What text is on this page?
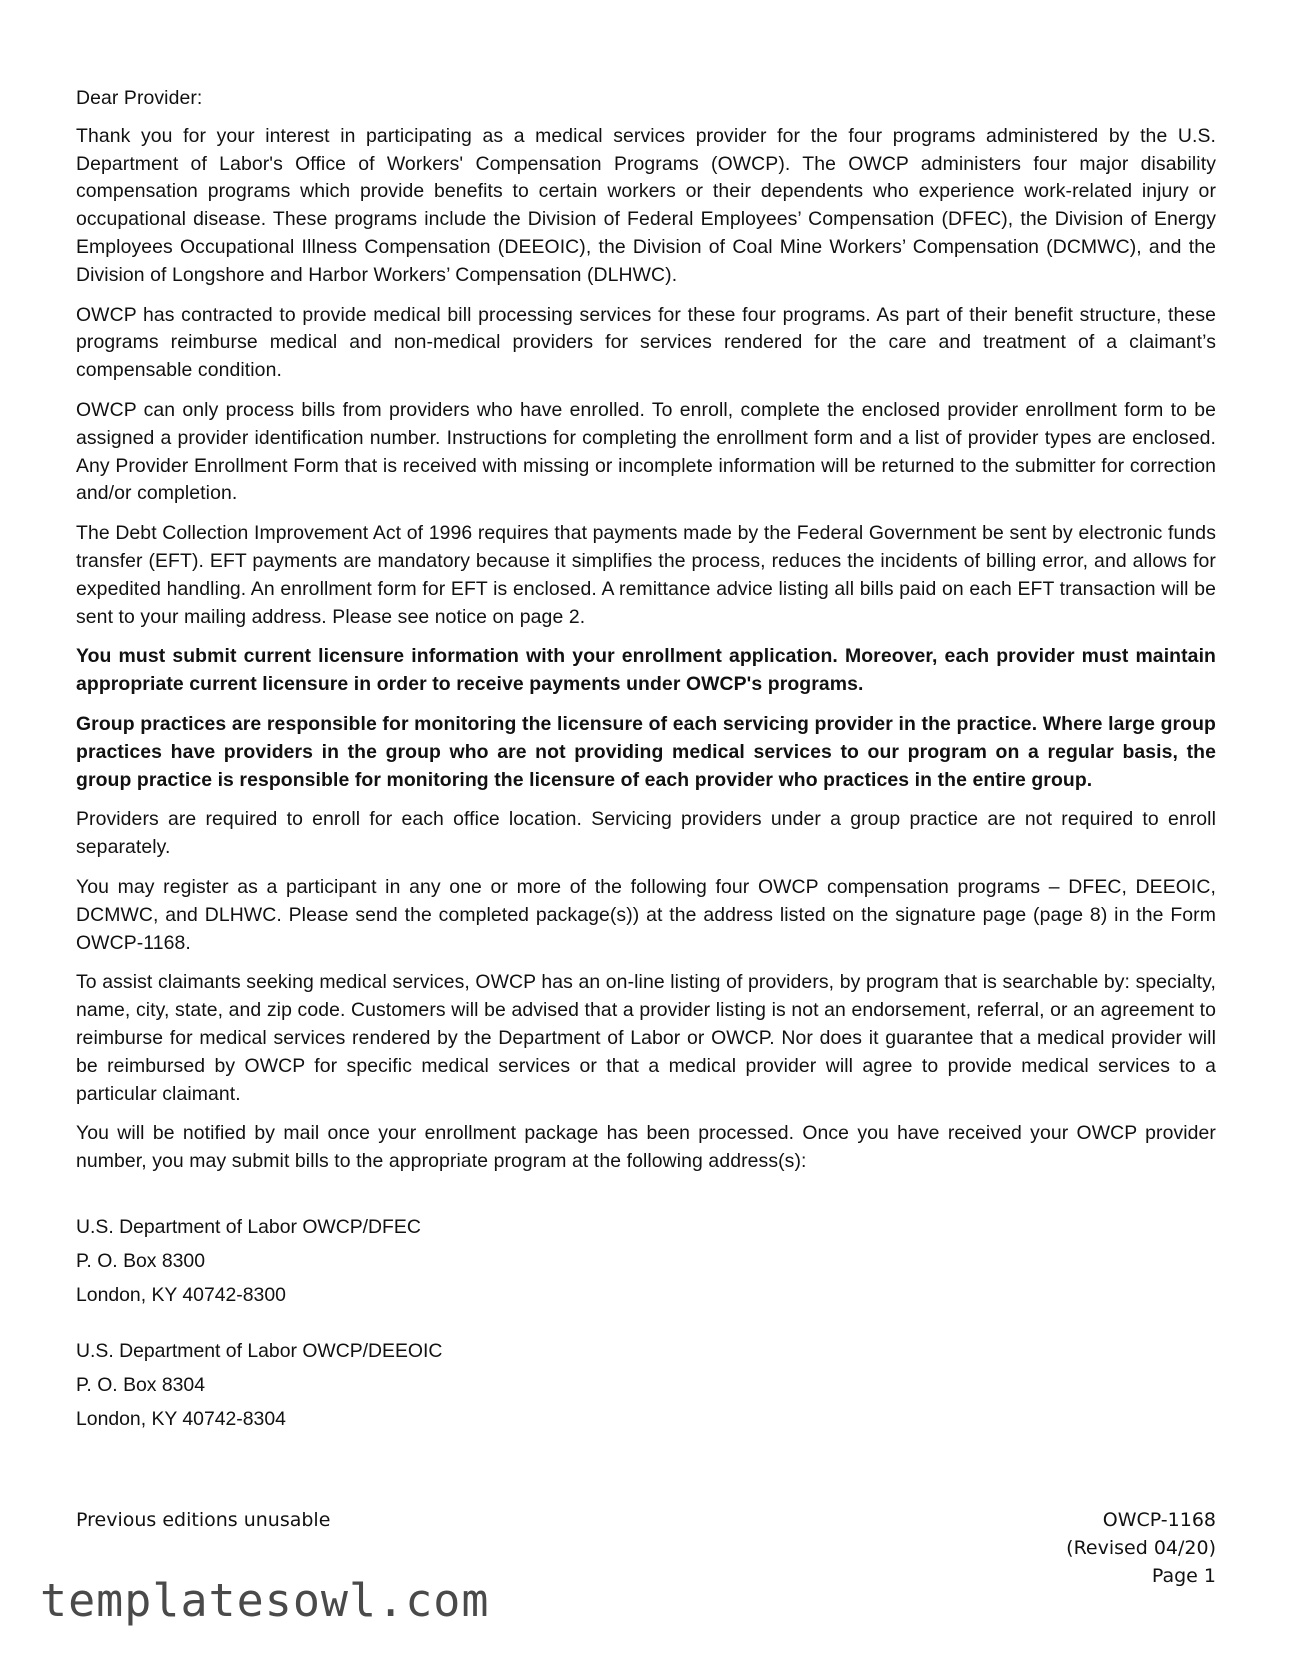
Dear Provider:

Thank you for your interest in participating as a medical services provider for the four programs administered by the U.S. Department of Labor's Office of Workers' Compensation Programs (OWCP). The OWCP administers four major disability compensation programs which provide benefits to certain workers or their dependents who experience work-related injury or occupational disease. These programs include the Division of Federal Employees’ Compensation (DFEC), the Division of Energy Employees Occupational Illness Compensation (DEEOIC), the Division of Coal Mine Workers’ Compensation (DCMWC), and the Division of Longshore and Harbor Workers’ Compensation (DLHWC).

OWCP has contracted to provide medical bill processing services for these four programs. As part of their benefit structure, these programs reimburse medical and non-medical providers for services rendered for the care and treatment of a claimant’s compensable condition.

OWCP can only process bills from providers who have enrolled. To enroll, complete the enclosed provider enrollment form to be assigned a provider identification number. Instructions for completing the enrollment form and a list of provider types are enclosed. Any Provider Enrollment Form that is received with missing or incomplete information will be returned to the submitter for correction and/or completion.

The Debt Collection Improvement Act of 1996 requires that payments made by the Federal Government be sent by electronic funds transfer (EFT). EFT payments are mandatory because it simplifies the process, reduces the incidents of billing error, and allows for expedited handling. An enrollment form for EFT is enclosed. A remittance advice listing all bills paid on each EFT transaction will be sent to your mailing address. Please see notice on page 2.

You must submit current licensure information with your enrollment application. Moreover, each provider must maintain appropriate current licensure in order to receive payments under OWCP's programs.

Group practices are responsible for monitoring the licensure of each servicing provider in the practice. Where large group practices have providers in the group who are not providing medical services to our program on a regular basis, the group practice is responsible for monitoring the licensure of each provider who practices in the entire group.

Providers are required to enroll for each office location. Servicing providers under a group practice are not required to enroll separately.

You may register as a participant in any one or more of the following four OWCP compensation programs – DFEC, DEEOIC, DCMWC, and DLHWC. Please send the completed package(s)) at the address listed on the signature page (page 8) in the Form OWCP-1168.

To assist claimants seeking medical services, OWCP has an on-line listing of providers, by program that is searchable by: specialty, name, city, state, and zip code. Customers will be advised that a provider listing is not an endorsement, referral, or an agreement to reimburse for medical services rendered by the Department of Labor or OWCP. Nor does it guarantee that a medical provider will be reimbursed by OWCP for specific medical services or that a medical provider will agree to provide medical services to a particular claimant.

You will be notified by mail once your enrollment package has been processed. Once you have received your OWCP provider number, you may submit bills to the appropriate program at the following address(s):

U.S. Department of Labor OWCP/DFEC
P. O. Box 8300
London, KY 40742-8300
U.S. Department of Labor OWCP/DEEOIC
P. O. Box 8304
London, KY 40742-8304
Previous editions unusable	OWCP-1168
(Revised 04/20)
Page 1
templatesowl.com
